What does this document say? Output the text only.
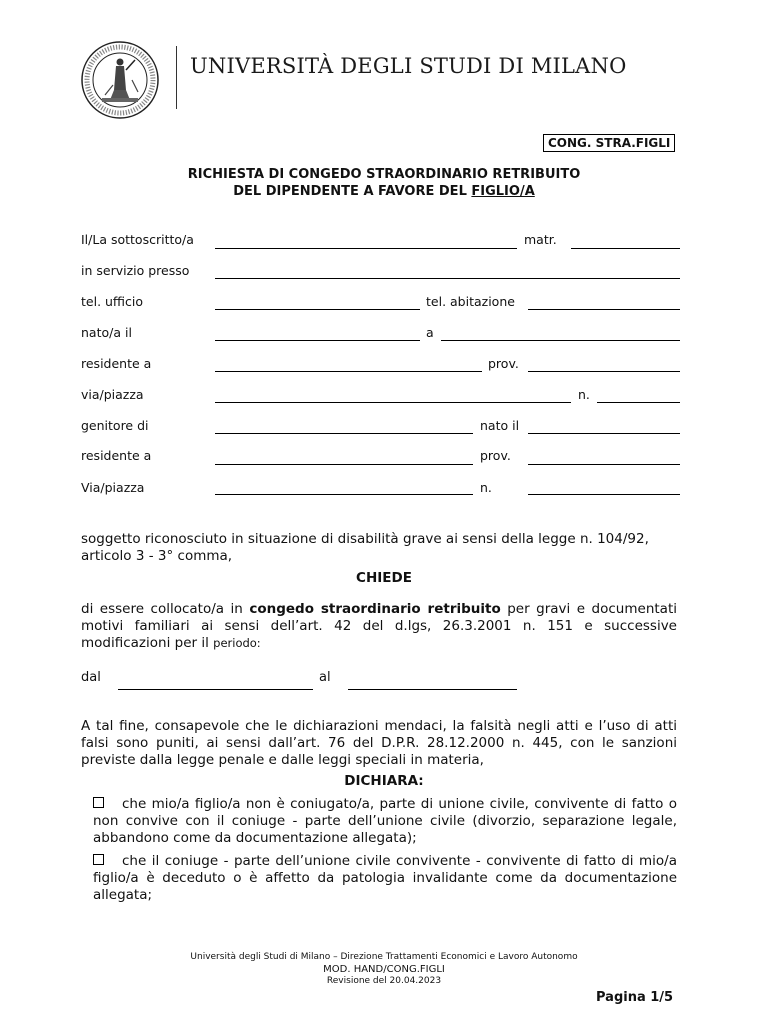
UNIVERSITÀ DEGLI STUDI DI MILANO
CONG. STRA.FIGLI
RICHIESTA DI CONGEDO STRAORDINARIO RETRIBUITO
DEL DIPENDENTE A FAVORE DEL FIGLIO/A
Il/La sottoscritto/a	matr.
in servizio presso
tel. ufficio	tel. abitazione
nato/a il	a
residente a	prov.
via/piazza	n.
genitore di	nato il
residente a	prov.
Via/piazza	n.
soggetto riconosciuto in situazione di disabilità grave ai sensi della legge n. 104/92, articolo 3 - 3° comma,
CHIEDE
di essere collocato/a in congedo straordinario retribuito per gravi e documentati motivi familiari ai sensi dell’art. 42 del d.lgs, 26.3.2001 n. 151 e successive modificazioni per il periodo:
dal	al
A tal fine, consapevole che le dichiarazioni mendaci, la falsità negli atti e l’uso di atti falsi sono puniti, ai sensi dall’art. 76 del D.P.R. 28.12.2000 n. 445, con le sanzioni previste dalla legge penale e dalle leggi speciali in materia,
DICHIARA:
che mio/a figlio/a non è coniugato/a, parte di unione civile, convivente di fatto o non convive con il coniuge - parte dell’unione civile (divorzio, separazione legale, abbandono come da documentazione allegata);
che il coniuge - parte dell’unione civile convivente - convivente di fatto di mio/a figlio/a è deceduto o è affetto da patologia invalidante come da documentazione allegata;
Università degli Studi di Milano – Direzione Trattamenti Economici e Lavoro Autonomo
MOD. HAND/CONG.FIGLI
Revisione del 20.04.2023
Pagina 1/5
